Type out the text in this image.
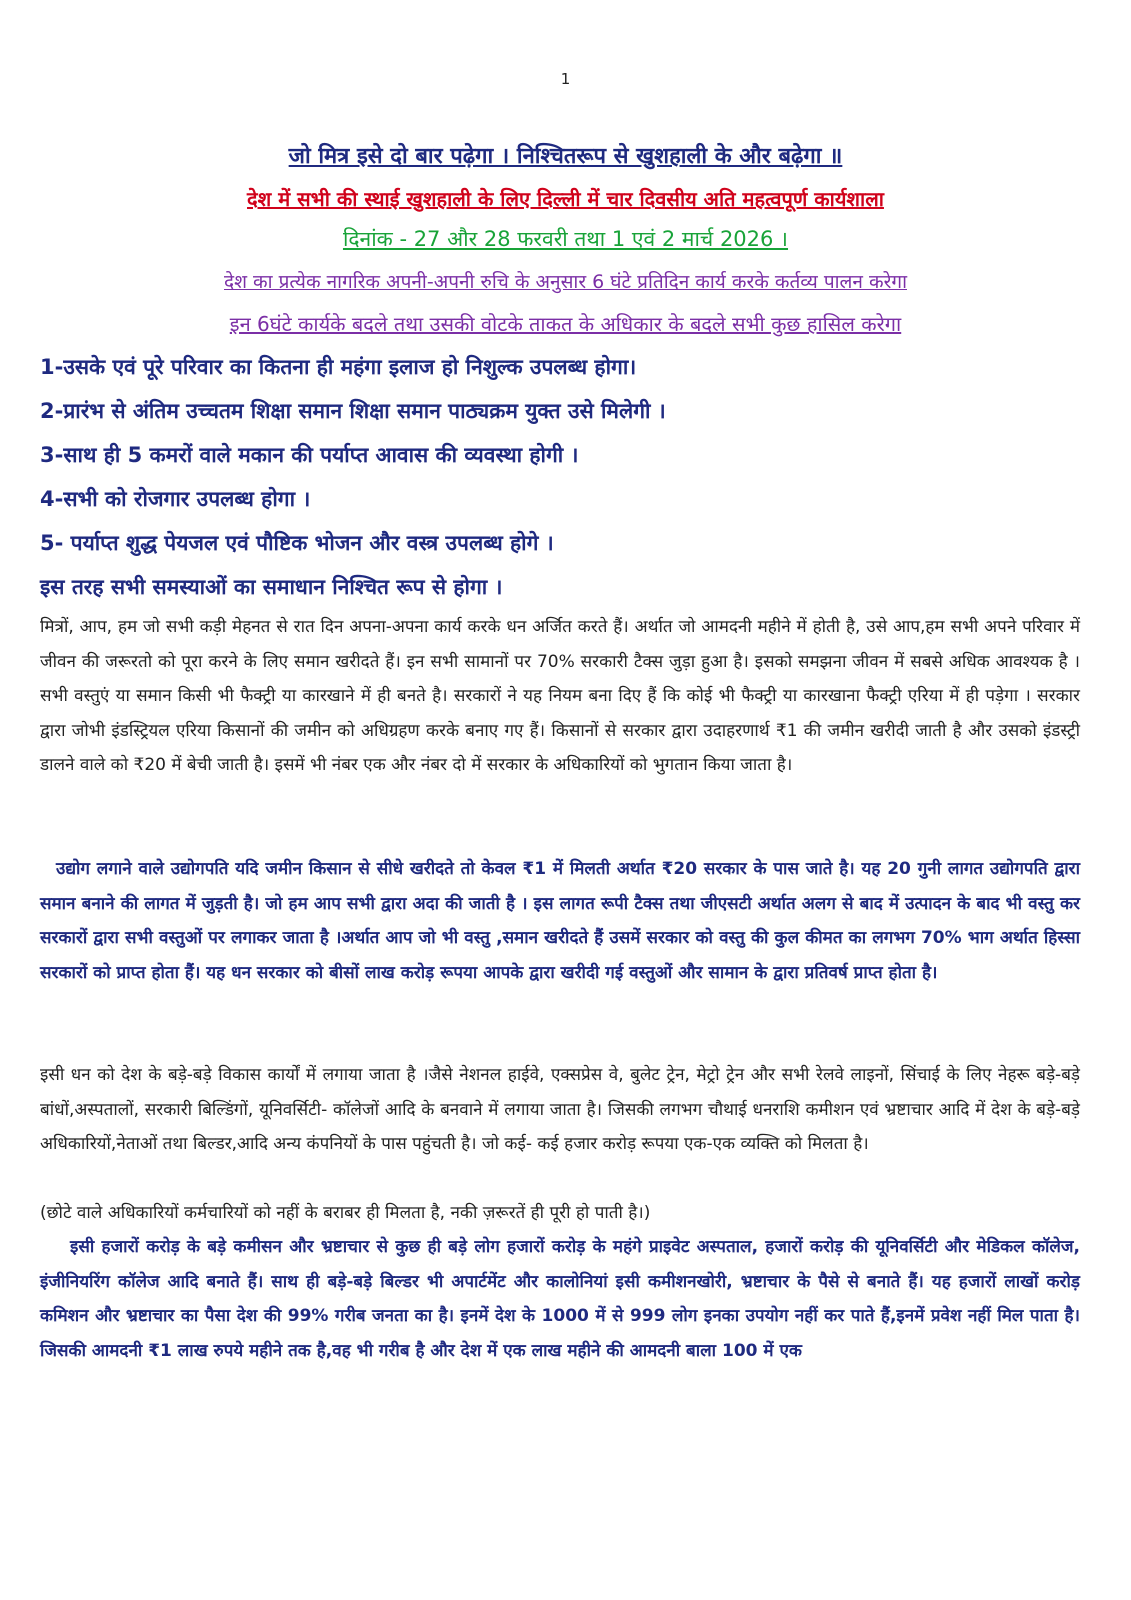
1
जो मित्र इसे दो बार पढ़ेगा । निश्चितरूप से खुशहाली के और बढ़ेगा ॥
देश में सभी की स्थाई खुशहाली के लिए दिल्ली में चार दिवसीय अति महत्वपूर्ण कार्यशाला
दिनांक - 27 और 28 फरवरी तथा 1 एवं 2 मार्च 2026 ।
देश का प्रत्येक नागरिक अपनी-अपनी रुचि के अनुसार 6 घंटे प्रतिदिन कार्य करके कर्तव्य पालन करेगा
इन 6घंटे कार्यके बदले तथा उसकी वोटके ताकत के अधिकार के बदले सभी कुछ हासिल करेगा
1-उसके एवं पूरे परिवार का कितना ही महंगा इलाज हो निशुल्क उपलब्ध होगा।
2-प्रारंभ से अंतिम उच्चतम शिक्षा समान शिक्षा समान पाठ्यक्रम युक्त उसे मिलेगी ।
3-साथ ही 5 कमरों वाले मकान की पर्याप्त आवास की व्यवस्था होगी ।
4-सभी को रोजगार उपलब्ध होगा ।
5- पर्याप्त शुद्ध पेयजल एवं पौष्टिक भोजन और वस्त्र उपलब्ध होगे ।
इस तरह सभी समस्याओं का समाधान निश्चित रूप से होगा ।
मित्रों, आप, हम जो सभी कड़ी मेहनत से रात दिन अपना-अपना कार्य करके धन अर्जित करते हैं। अर्थात जो आमदनी महीने में होती है, उसे आप,हम सभी अपने परिवार में जीवन की जरूरतो को पूरा करने के लिए समान खरीदते हैं। इन सभी सामानों पर 70% सरकारी टैक्स जुड़ा हुआ है। इसको समझना जीवन में सबसे अधिक आवश्यक है । सभी वस्तुएं या समान किसी भी फैक्ट्री या कारखाने में ही बनते है। सरकारों ने यह नियम बना दिए हैं कि कोई भी फैक्ट्री या कारखाना फैक्ट्री एरिया में ही पड़ेगा । सरकार द्वारा जोभी इंडस्ट्रियल एरिया किसानों की जमीन को अधिग्रहण करके बनाए गए हैं। किसानों से सरकार द्वारा उदाहरणार्थ ₹1 की जमीन खरीदी जाती है और उसको इंडस्ट्री डालने वाले को ₹20 में बेची जाती है। इसमें भी नंबर एक और नंबर दो में सरकार के अधिकारियों को भुगतान किया जाता है।
उद्योग लगाने वाले उद्योगपति यदि जमीन किसान से सीधे खरीदते तो केवल ₹1 में मिलती अर्थात ₹20 सरकार के पास जाते है। यह 20 गुनी लागत उद्योगपति द्वारा समान बनाने की लागत में जुड़ती है। जो हम आप सभी द्वारा अदा की जाती है । इस लागत रूपी टैक्स तथा जीएसटी अर्थात अलग से बाद में उत्पादन के बाद भी वस्तु कर सरकारों द्वारा सभी वस्तुओं पर लगाकर जाता है ।अर्थात आप जो भी वस्तु ,समान खरीदते हैं उसमें सरकार को वस्तु की कुल कीमत का लगभग 70% भाग अर्थात हिस्सा सरकारों को प्राप्त होता हैं। यह धन सरकार को बीसों लाख करोड़ रूपया आपके द्वारा खरीदी गई वस्तुओं और सामान के द्वारा प्रतिवर्ष प्राप्त होता है।
इसी धन को देश के बड़े-बड़े विकास कार्यों में लगाया जाता है ।जैसे नेशनल हाईवे, एक्सप्रेस वे, बुलेट ट्रेन, मेट्रो ट्रेन और सभी रेलवे लाइनों, सिंचाई के लिए नेहरू बड़े-बड़े बांधों,अस्पतालों, सरकारी बिल्डिंगों, यूनिवर्सिटी- कॉलेजों आदि के बनवाने में लगाया जाता है। जिसकी लगभग चौथाई धनराशि कमीशन एवं भ्रष्टाचार आदि में देश के बड़े-बड़े अधिकारियों,नेताओं तथा बिल्डर,आदि अन्य कंपनियों के पास पहुंचती है। जो कई- कई हजार करोड़ रूपया एक-एक व्यक्ति को मिलता है।
(छोटे वाले अधिकारियों कर्मचारियों को नहीं के बराबर ही मिलता है, नकी ज़रूरतें ही पूरी हो पाती है।)
इसी हजारों करोड़ के बड़े कमीसन और भ्रष्टाचार से कुछ ही बड़े लोग हजारों करोड़ के महंगे प्राइवेट अस्पताल, हजारों करोड़ की यूनिवर्सिटी और मेडिकल कॉलेज, इंजीनियरिंग कॉलेज आदि बनाते हैं। साथ ही बड़े-बड़े बिल्डर भी अपार्टमेंट और कालोनियां इसी कमीशनखोरी, भ्रष्टाचार के पैसे से बनाते हैं। यह हजारों लाखों करोड़ कमिशन और भ्रष्टाचार का पैसा देश की 99% गरीब जनता का है। इनमें देश के 1000 में से 999 लोग इनका उपयोग नहीं कर पाते हैं,इनमें प्रवेश नहीं मिल पाता है। जिसकी आमदनी ₹1 लाख रुपये महीने तक है,वह भी गरीब है और देश में एक लाख महीने की आमदनी बाला 100 में एक
